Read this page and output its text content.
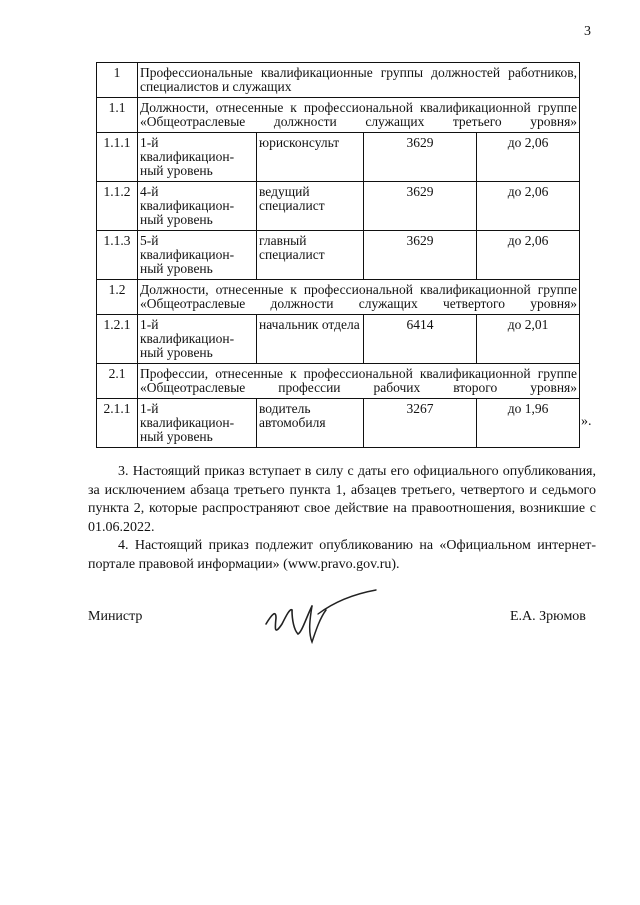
3
1	Профессиональные квалификационные группы должностей работников, специалистов и служащих			
1.1	Должности, отнесенные к профессиональной квалификационной группе «Общеотраслевые должности служащих третьего уровня»			
1.1.1	1-й квалификацион-ный уровень	юрисконсульт	3629	до 2,06
1.1.2	4-й квалификацион-ный уровень	ведущий специалист	3629	до 2,06
1.1.3	5-й квалификацион-ный уровень	главный специалист	3629	до 2,06
1.2	Должности, отнесенные к профессиональной квалификационной группе «Общеотраслевые должности служащих четвертого уровня»			
1.2.1	1-й квалификацион-ный уровень	начальник отдела	6414	до 2,01
2.1	Профессии, отнесенные к профессиональной квалификационной группе «Общеотраслевые профессии рабочих второго уровня»			
2.1.1	1-й квалификацион-ный уровень	водитель автомобиля	3267	до 1,96
».

3. Настоящий приказ вступает в силу с даты его официального опубликования, за исключением абзаца третьего пункта 1, абзацев третьего, четвертого и седьмого пункта 2, которые распространяют свое действие на правоотношения, возникшие с 01.06.2022.

4. Настоящий приказ подлежит опубликованию на «Официальном интернет-портале правовой информации» (www.pravo.gov.ru).

Министр	Е.А. Зрюмов
